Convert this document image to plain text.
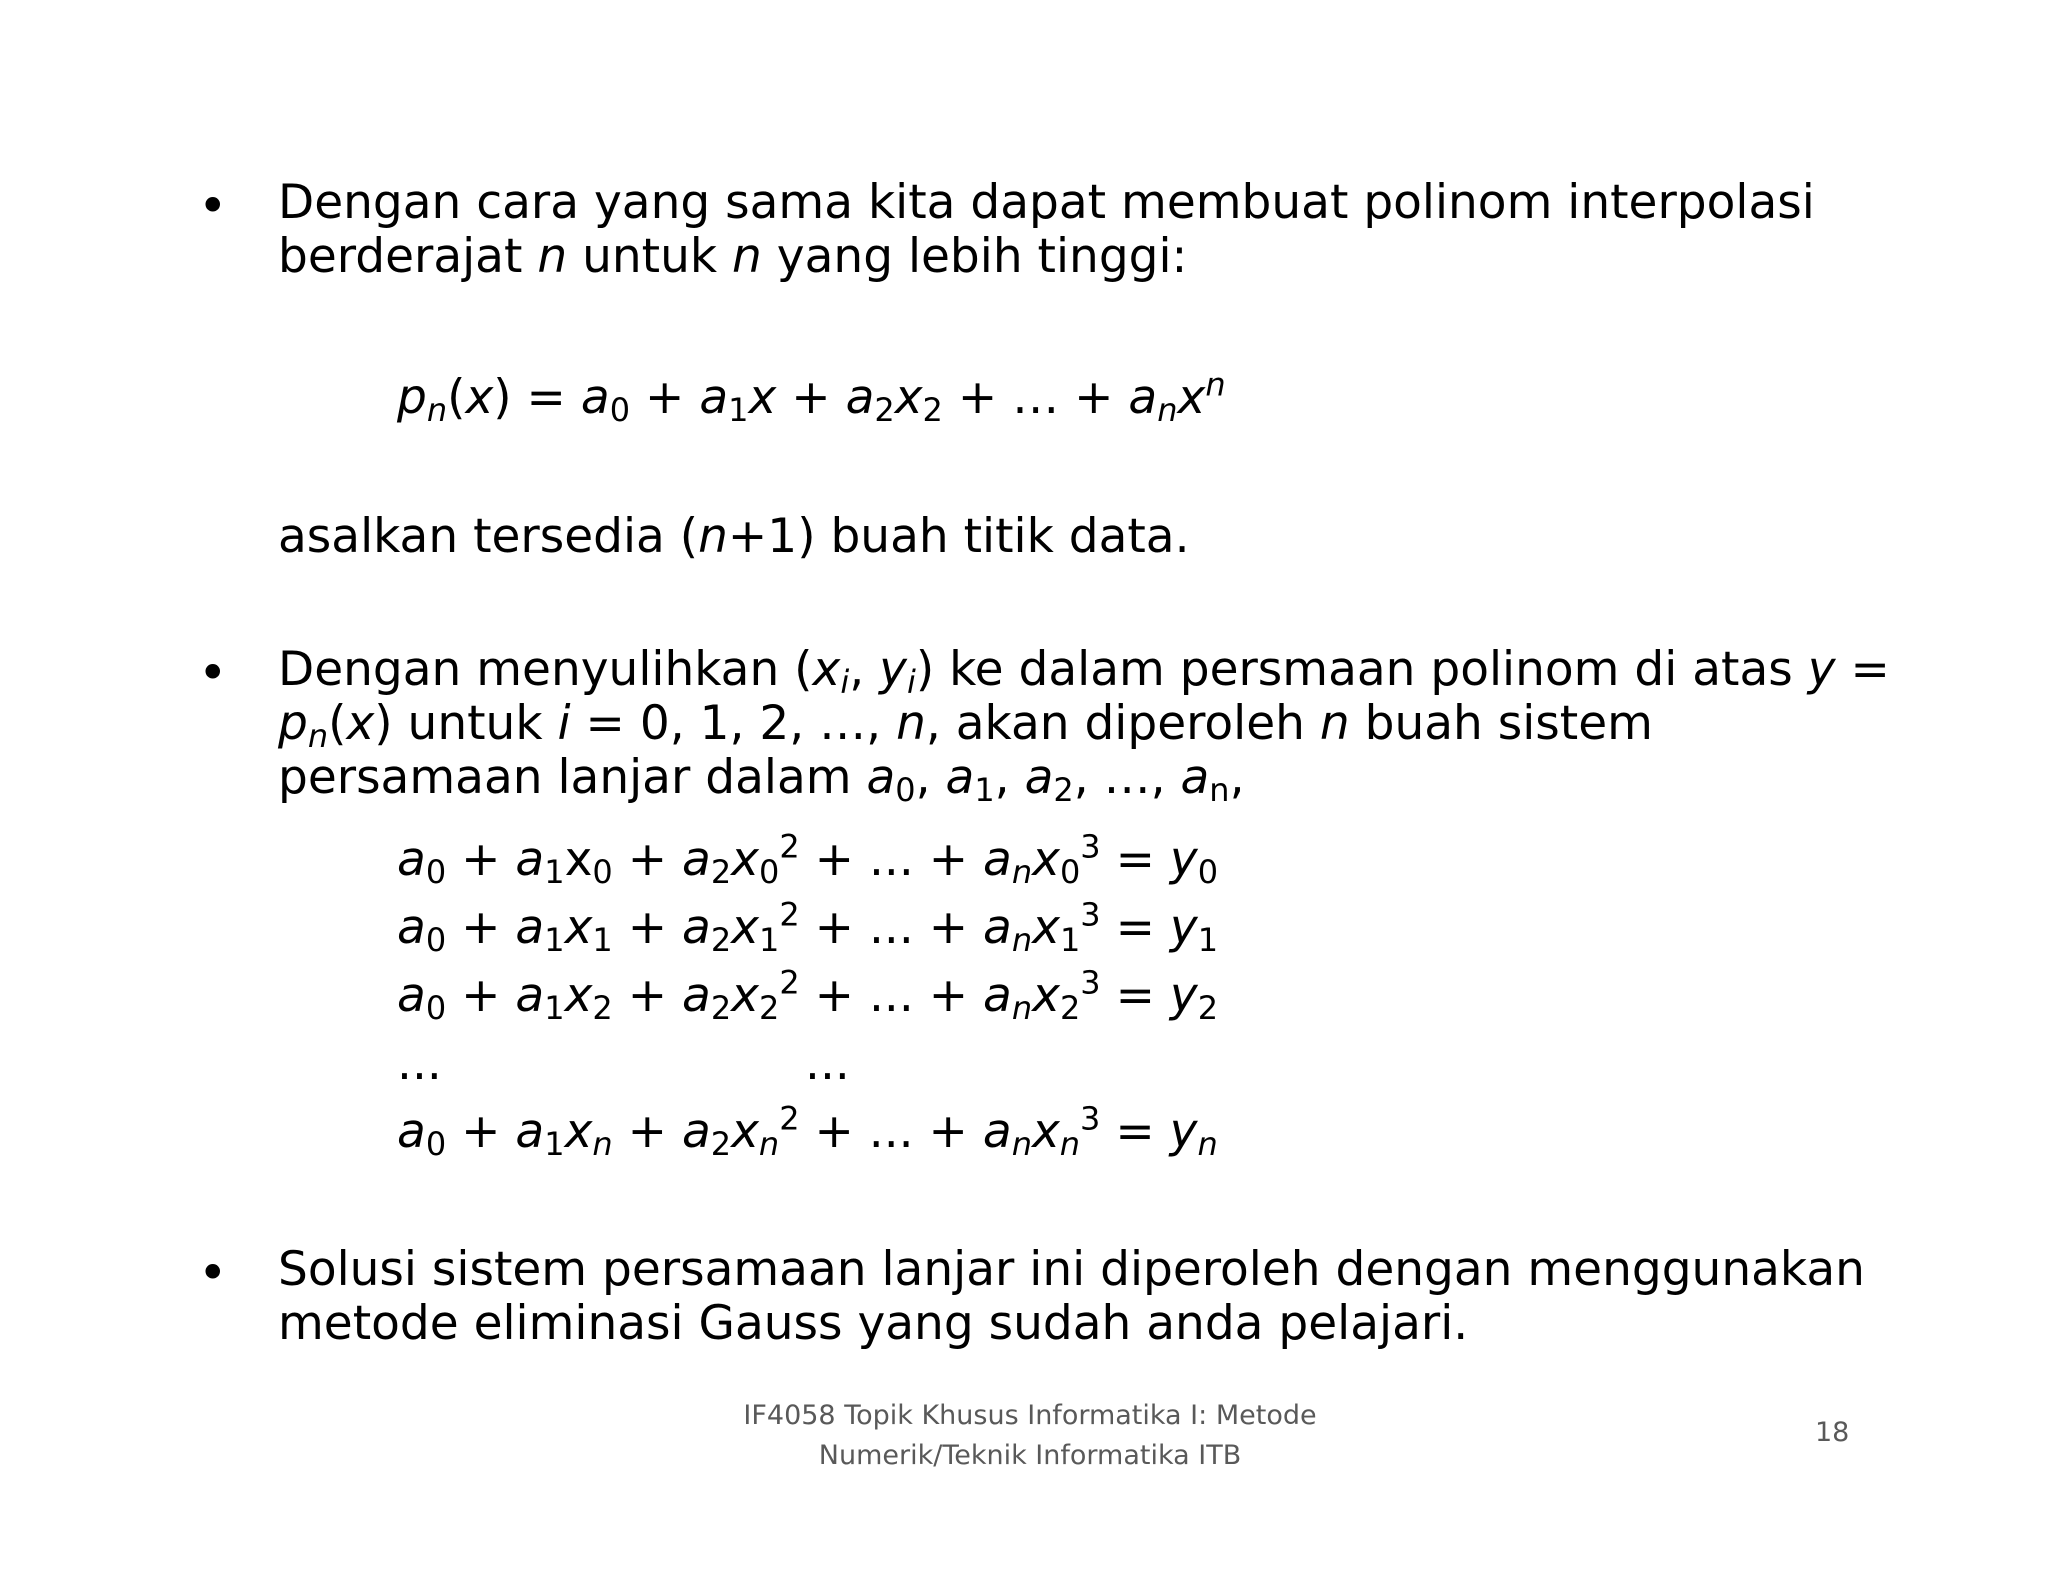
• Dengan cara yang sama kita dapat membuat polinom interpolasi
berderajat n untuk n yang lebih tinggi:
$p_n(x) = a_0 + a_1x + a_2x_2$ + … + $a_nx^n$
asalkan tersedia (n+1) buah titik data.
• Dengan menyulihkan ($x_i$, $y_i$) ke dalam persmaan polinom di atas y =
$p_n(x)$ untuk i = 0, 1, 2, …, n, akan diperoleh n buah sistem
persamaan lanjar dalam $a_0$, $a_1$, $a_2$, …, $a_n$,
$a_0 + a_1x_0 + a_2x_0^2$ + ... + $a_nx_0^3 = y_0$
$a_0 + a_1x_1 + a_2x_1^2$ + ... + $a_nx_1^3 = y_1$
$a_0 + a_1x_2 + a_2x_2^2$ + ... + $a_nx_2^3 = y_2$
...	...
$a_0 + a_1x_n + a_2x_n^2$ + ... + $a_nx_n^3 = y_n$
• Solusi sistem persamaan lanjar ini diperoleh dengan menggunakan
metode eliminasi Gauss yang sudah anda pelajari.
IF4058 Topik Khusus Informatika I: Metode
Numerik/Teknik Informatika ITB
18
